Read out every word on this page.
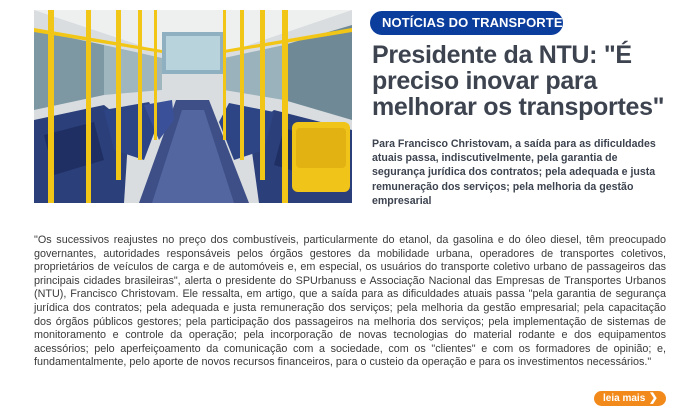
NOTÍCIAS DO TRANSPORTE
Presidente da NTU: "É preciso inovar para melhorar os transportes"

Para Francisco Christovam, a saída para as dificuldades atuais passa, indiscutivelmente, pela garantia de segurança jurídica dos contratos; pela adequada e justa remuneração dos serviços; pela melhoria da gestão empresarial

"Os sucessivos reajustes no preço dos combustíveis, particularmente do etanol, da gasolina e do óleo diesel, têm preocupado governantes, autoridades responsáveis pelos órgãos gestores da mobilidade urbana, operadores de transportes coletivos, proprietários de veículos de carga e de automóveis e, em especial, os usuários do transporte coletivo urbano de passageiros das principais cidades brasileiras", alerta o presidente do SPUrbanuss e Associação Nacional das Empresas de Transportes Urbanos (NTU), Francisco Christovam. Ele ressalta, em artigo, que a saída para as dificuldades atuais passa "pela garantia de segurança jurídica dos contratos; pela adequada e justa remuneração dos serviços; pela melhoria da gestão empresarial; pela capacitação dos órgãos públicos gestores; pela participação dos passageiros na melhoria dos serviços; pela implementação de sistemas de monitoramento e controle da operação; pela incorporação de novas tecnologias do material rodante e dos equipamentos acessórios; pelo aperfeiçoamento da comunicação com a sociedade, com os "clientes" e com os formadores de opinião; e, fundamentalmente, pelo aporte de novos recursos financeiros, para o custeio da operação e para os investimentos necessários."

leia mais ❯
